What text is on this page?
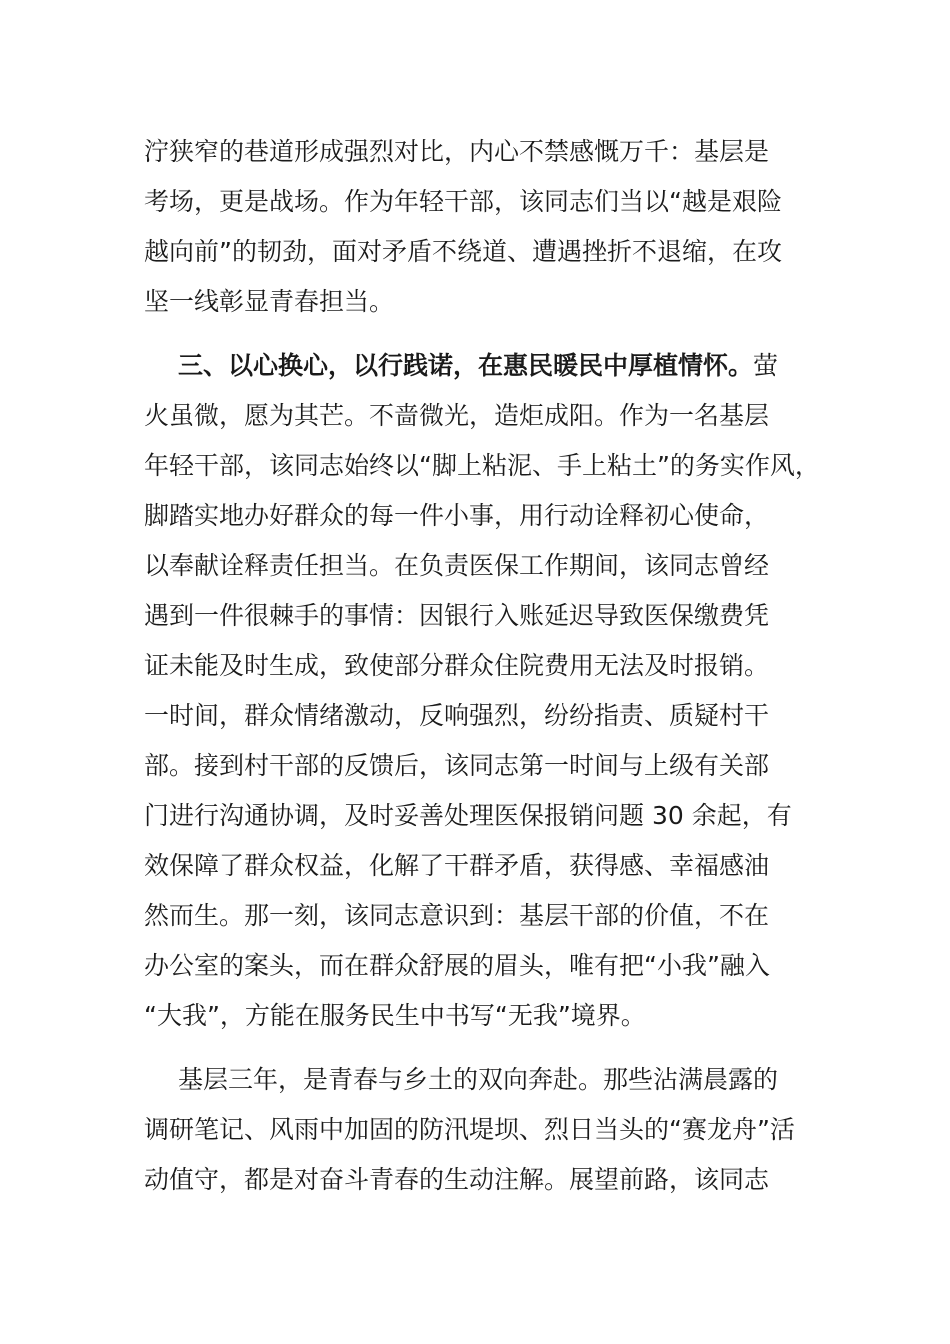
泞狭窄的巷道形成强烈对比，内心不禁感慨万千：基层是
考场，更是战场。作为年轻干部，该同志们当以“越是艰险
越向前”的韧劲，面对矛盾不绕道、遭遇挫折不退缩，在攻
坚一线彰显青春担当。
三、以心换心，以行践诺，在惠民暖民中厚植情怀。萤
火虽微，愿为其芒。不啬微光，造炬成阳。作为一名基层
年轻干部，该同志始终以“脚上粘泥、手上粘土”的务实作风，
脚踏实地办好群众的每一件小事，用行动诠释初心使命，
以奉献诠释责任担当。在负责医保工作期间，该同志曾经
遇到一件很棘手的事情：因银行入账延迟导致医保缴费凭
证未能及时生成，致使部分群众住院费用无法及时报销。
一时间，群众情绪激动，反响强烈，纷纷指责、质疑村干
部。接到村干部的反馈后，该同志第一时间与上级有关部
门进行沟通协调，及时妥善处理医保报销问题 30 余起，有
效保障了群众权益，化解了干群矛盾，获得感、幸福感油
然而生。那一刻，该同志意识到：基层干部的价值，不在
办公室的案头，而在群众舒展的眉头，唯有把“小我”融入
“大我”，方能在服务民生中书写“无我”境界。
基层三年，是青春与乡土的双向奔赴。那些沾满晨露的
调研笔记、风雨中加固的防汛堤坝、烈日当头的“赛龙舟”活
动值守，都是对奋斗青春的生动注解。展望前路，该同志
